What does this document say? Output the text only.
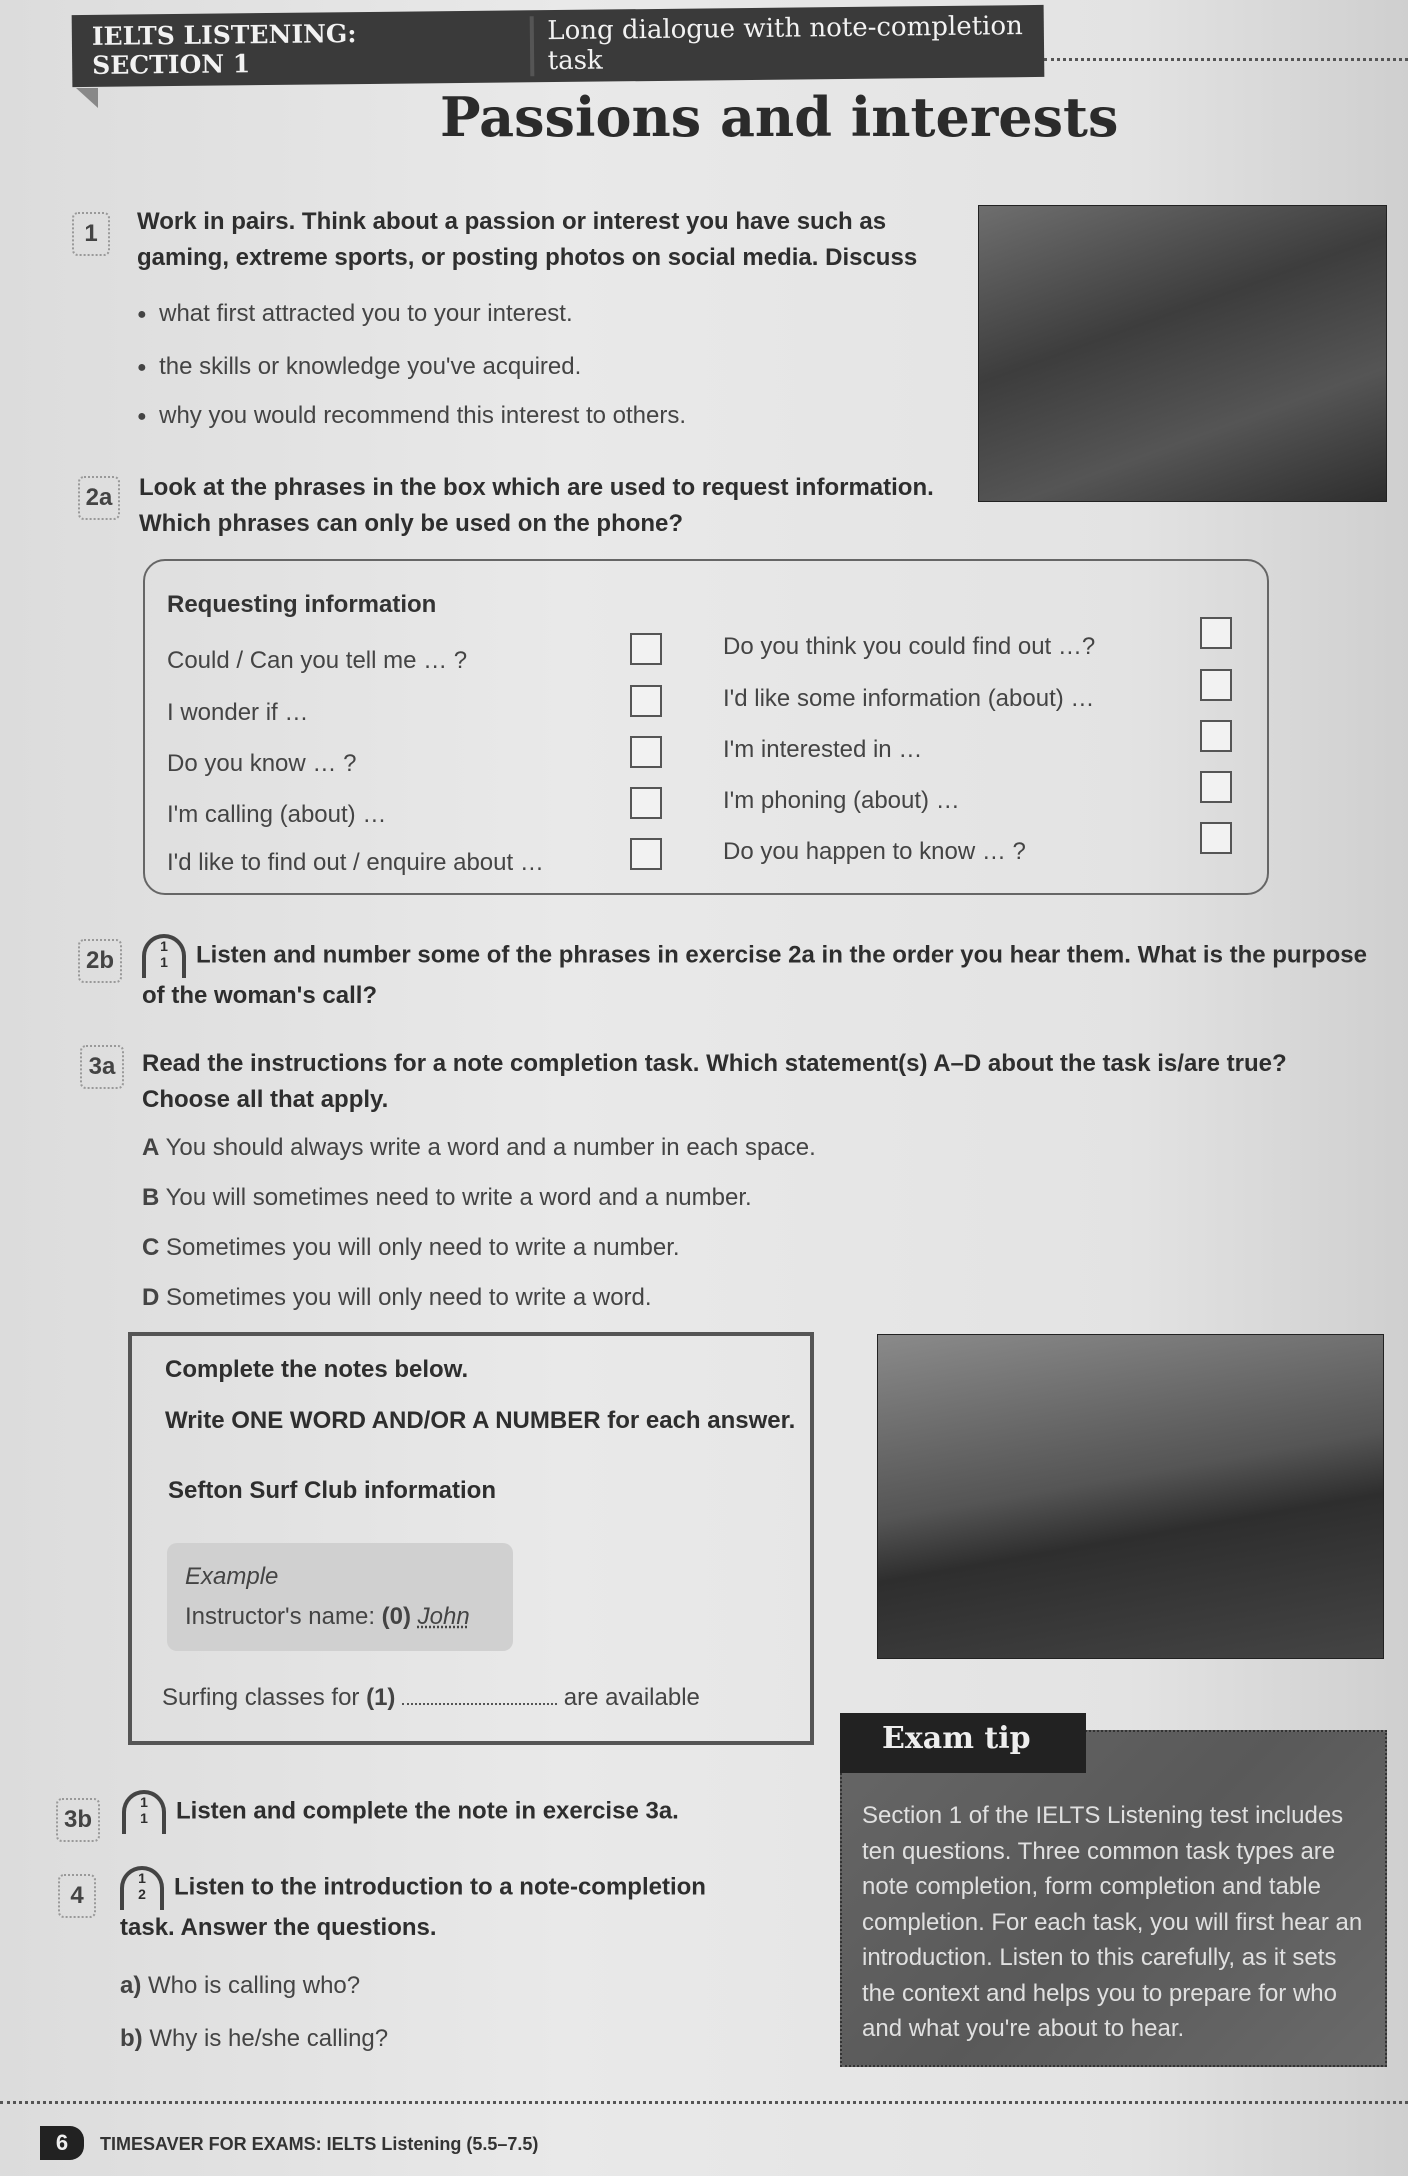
IELTS LISTENING: SECTION 1
Long dialogue with note-completion task
Passions and interests
1	Work in pairs. Think about a passion or interest you have such as
gaming, extreme sports, or posting photos on social media. Discuss
● what first attracted you to your interest.
● the skills or knowledge you've acquired.
● why you would recommend this interest to others.
2a	Look at the phrases in the box which are used to request information.
Which phrases can only be used on the phone?
Requesting information
Could / Can you tell me … ?
I wonder if …
Do you know … ?
I'm calling (about) …
I'd like to find out / enquire about …
Do you think you could find out …?
I'd like some information (about) …
I'm interested in …
I'm phoning (about) …
Do you happen to know … ?
2b
1
1 Listen and number some of the phrases in exercise 2a in the order you hear them. What is the purpose
of the woman's call?
3a	Read the instructions for a note completion task. Which statement(s) A–D about the task is/are true?
Choose all that apply.
A You should always write a word and a number in each space.
B You will sometimes need to write a word and a number.
C Sometimes you will only need to write a number.
D Sometimes you will only need to write a word.
Complete the notes below.
Write ONE WORD AND/OR A NUMBER for each answer.
Sefton Surf Club information
Example
Instructor's name: (0) John
Surfing classes for (1)	are available
3b
1
1 Listen and complete the note in exercise 3a.
4
1
2 Listen to the introduction to a note-completion
task. Answer the questions.
a) Who is calling who?
b) Why is he/she calling?
Section 1 of the IELTS Listening test includes ten questions. Three common task types are note completion, form completion and table completion. For each task, you will first hear an introduction. Listen to this carefully, as it sets the context and helps you to prepare for who and what you're about to hear.
Exam tip
6	TIMESAVER FOR EXAMS: IELTS Listening (5.5–7.5)
